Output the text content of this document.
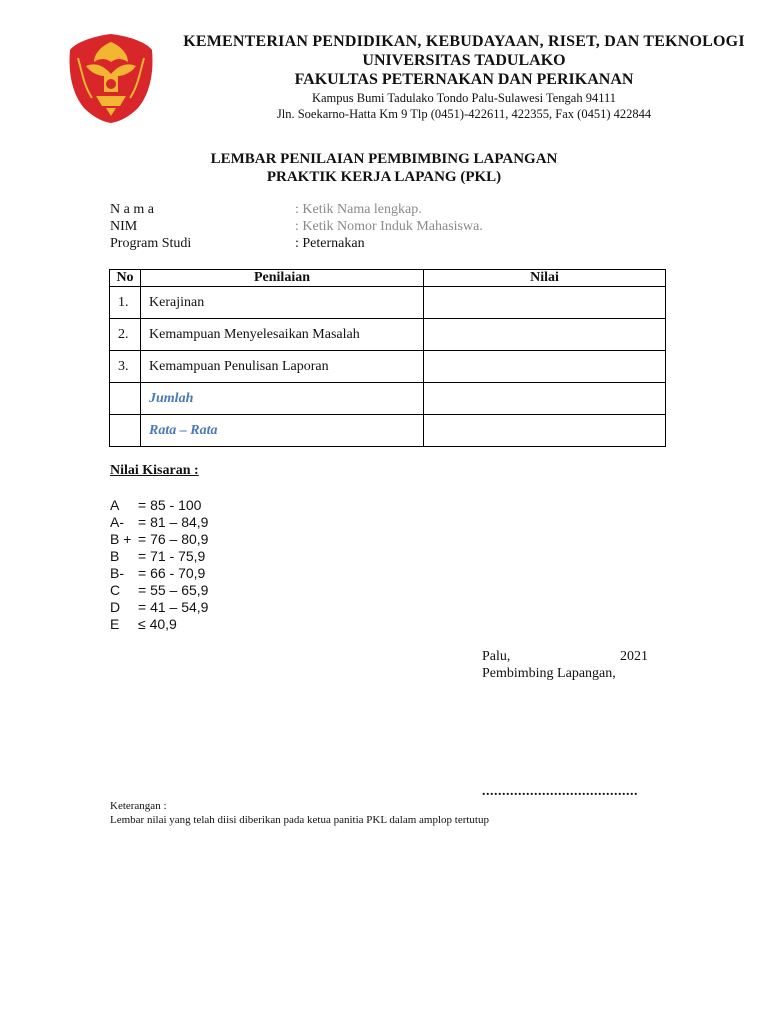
KEMENTERIAN PENDIDIKAN, KEBUDAYAAN, RISET, DAN TEKNOLOGI
UNIVERSITAS TADULAKO
FAKULTAS PETERNAKAN DAN PERIKANAN
Kampus Bumi Tadulako Tondo Palu-Sulawesi Tengah 94111
Jln. Soekarno-Hatta Km 9 Tlp (0451)-422611, 422355, Fax (0451) 422844
LEMBAR PENILAIAN PEMBIMBING LAPANGAN
PRAKTIK KERJA LAPANG (PKL)
N a m a	: Ketik Nama lengkap.
NIM	: Ketik Nomor Induk Mahasiswa.
Program Studi	: Peternakan
No	Penilaian	Nilai
1.	Kerajinan	
2.	Kemampuan Menyelesaikan Masalah	
3.	Kemampuan Penulisan Laporan	
	Jumlah	
	Rata – Rata	
Nilai Kisaran :
A = 85 - 100
A- = 81 – 84,9
B + = 76 – 80,9
B = 71 - 75,9
B- = 66 - 70,9
C = 55 – 65,9
D = 41 – 54,9
E ≤ 40,9
Palu,	2021
Pembimbing Lapangan,
.......................................
Keterangan :
Lembar nilai yang telah diisi diberikan pada ketua panitia PKL dalam amplop tertutup
